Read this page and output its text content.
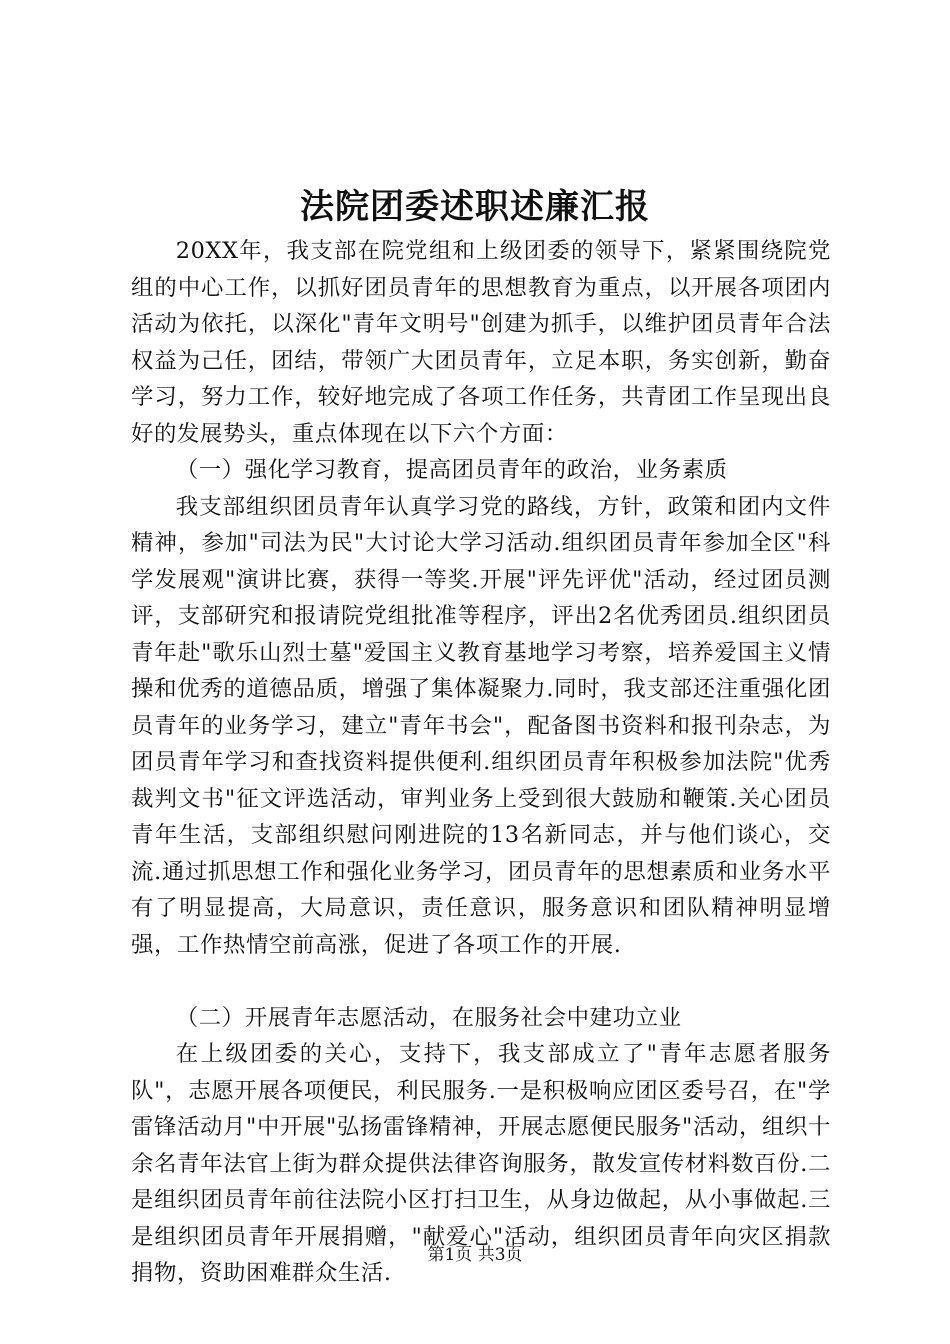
法院团委述职述廉汇报

20XX年，我支部在院党组和上级团委的领导下，紧紧围绕院党组的中心工作，以抓好团员青年的思想教育为重点，以开展各项团内活动为依托，以深化"青年文明号"创建为抓手，以维护团员青年合法权益为己任，团结，带领广大团员青年，立足本职，务实创新，勤奋学习，努力工作，较好地完成了各项工作任务，共青团工作呈现出良好的发展势头，重点体现在以下六个方面：

（一）强化学习教育，提高团员青年的政治，业务素质

我支部组织团员青年认真学习党的路线，方针，政策和团内文件精神，参加"司法为民"大讨论大学习活动.组织团员青年参加全区"科学发展观"演讲比赛，获得一等奖.开展"评先评优"活动，经过团员测评，支部研究和报请院党组批准等程序，评出2名优秀团员.组织团员青年赴"歌乐山烈士墓"爱国主义教育基地学习考察，培养爱国主义情操和优秀的道德品质，增强了集体凝聚力.同时，我支部还注重强化团员青年的业务学习，建立"青年书会"，配备图书资料和报刊杂志，为团员青年学习和查找资料提供便利.组织团员青年积极参加法院"优秀裁判文书"征文评选活动，审判业务上受到很大鼓励和鞭策.关心团员青年生活，支部组织慰问刚进院的13名新同志，并与他们谈心，交流.通过抓思想工作和强化业务学习，团员青年的思想素质和业务水平有了明显提高，大局意识，责任意识，服务意识和团队精神明显增强，工作热情空前高涨，促进了各项工作的开展.

（二）开展青年志愿活动，在服务社会中建功立业

在上级团委的关心，支持下，我支部成立了"青年志愿者服务队"，志愿开展各项便民，利民服务.一是积极响应团区委号召，在"学雷锋活动月"中开展"弘扬雷锋精神，开展志愿便民服务"活动，组织十余名青年法官上街为群众提供法律咨询服务，散发宣传材料数百份.二是组织团员青年前往法院小区打扫卫生，从身边做起，从小事做起.三是组织团员青年开展捐赠，"献爱心"活动，组织团员青年向灾区捐款捐物，资助困难群众生活.

第1页 共3页
